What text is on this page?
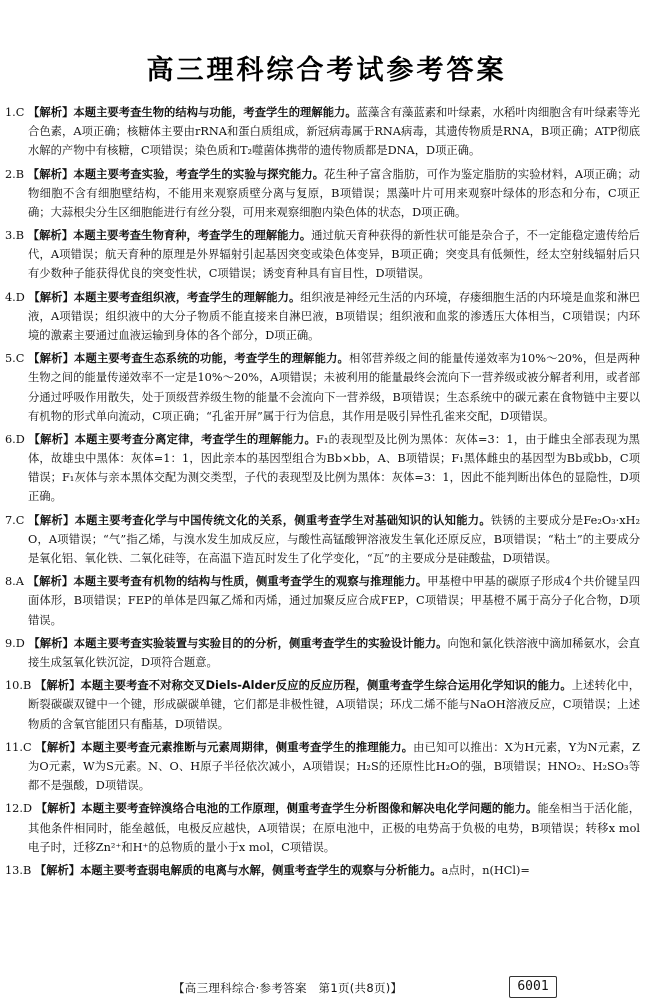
高三理科综合考试参考答案
1.C 【解析】本题主要考查生物的结构与功能，考查学生的理解能力。蓝藻含有藻蓝素和叶绿素，水稻叶肉细胞含有叶绿素等光合色素，A项正确；核糖体主要由rRNA和蛋白质组成，新冠病毒属于RNA病毒，其遗传物质是RNA，B项正确；ATP彻底水解的产物中有核糖，C项错误；染色质和T₂噬菌体携带的遗传物质都是DNA，D项正确。
2.B 【解析】本题主要考查实验，考查学生的实验与探究能力。花生种子富含脂肪，可作为鉴定脂肪的实验材料，A项正确；动物细胞不含有细胞壁结构，不能用来观察质壁分离与复原，B项错误；黑藻叶片可用来观察叶绿体的形态和分布，C项正确；大蒜根尖分生区细胞能进行有丝分裂，可用来观察细胞内染色体的状态，D项正确。
3.B 【解析】本题主要考查生物育种，考查学生的理解能力。通过航天育种获得的新性状可能是杂合子，不一定能稳定遗传给后代，A项错误；航天育种的原理是外界辐射引起基因突变或染色体变异，B项正确；突变具有低频性，经太空射线辐射后只有少数种子能获得优良的突变性状，C项错误；诱变育种具有盲目性，D项错误。
4.D 【解析】本题主要考查组织液，考查学生的理解能力。组织液是神经元生活的内环境，存瘘细胞生活的内环境是血浆和淋巴液，A项错误；组织液中的大分子物质不能直接来自淋巴液，B项错误；组织液和血浆的渗透压大体相当，C项错误；内环境的激素主要通过血液运输到身体的各个部分，D项正确。
5.C 【解析】本题主要考查生态系统的功能，考查学生的理解能力。相邻营养级之间的能量传递效率为10%～20%，但是两种生物之间的能量传递效率不一定是10%～20%，A项错误；未被利用的能量最终会流向下一营养级或被分解者利用，或者部分通过呼吸作用散失，处于顶级营养级生物的能量不会流向下一营养级，B项错误；生态系统中的碳元素在食物链中主要以有机物的形式单向流动，C项正确；“孔雀开屏”属于行为信息，其作用是吸引异性孔雀来交配，D项错误。
6.D 【解析】本题主要考查分离定律，考查学生的理解能力。F₁的表现型及比例为黑体：灰体=3：1，由于雌虫全部表现为黑体，故雄虫中黑体：灰体=1：1，因此亲本的基因型组合为Bb×bb，A、B项错误；F₁黑体雌虫的基因型为Bb或bb，C项错误；F₁灰体与亲本黑体交配为测交类型，子代的表现型及比例为黑体：灰体=3：1，因此不能判断出体色的显隐性，D项正确。
7.C 【解析】本题主要考查化学与中国传统文化的关系，侧重考查学生对基础知识的认知能力。铁锈的主要成分是Fe₂O₃·xH₂O，A项错误；“气”指乙烯，与溴水发生加成反应，与酸性高锰酸钾溶液发生氧化还原反应，B项错误；“粘土”的主要成分是氧化铝、氧化铁、二氧化硅等，在高温下造瓦时发生了化学变化，“瓦”的主要成分是硅酸盐，D项错误。
8.A 【解析】本题主要考查有机物的结构与性质，侧重考查学生的观察与推理能力。甲基橙中甲基的碳原子形成4个共价键呈四面体形，B项错误；FEP的单体是四氟乙烯和丙烯，通过加聚反应合成FEP，C项错误；甲基橙不属于高分子化合物，D项错误。
9.D 【解析】本题主要考查实验装置与实验目的的分析，侧重考查学生的实验设计能力。向饱和氯化铁溶液中滴加稀氨水，会直接生成氢氧化铁沉淀，D项符合题意。
10.B 【解析】本题主要考查不对称交叉Diels-Alder反应的反应历程，侧重考查学生综合运用化学知识的能力。上述转化中，断裂碳碳双键中一个键，形成碳碳单键，它们都是非极性键，A项错误；环戊二烯不能与NaOH溶液反应，C项错误；上述物质的含氧官能团只有酯基，D项错误。
11.C 【解析】本题主要考查元素推断与元素周期律，侧重考查学生的推理能力。由已知可以推出：X为H元素，Y为N元素，Z为O元素，W为S元素。N、O、H原子半径依次减小，A项错误；H₂S的还原性比H₂O的强，B项错误；HNO₂、H₂SO₃等都不是强酸，D项错误。
12.D 【解析】本题主要考查锌溴络合电池的工作原理，侧重考查学生分析图像和解决电化学问题的能力。能垒相当于活化能，其他条件相同时，能垒越低，电极反应越快，A项错误；在原电池中，正极的电势高于负极的电势，B项错误；转移x mol电子时，迁移Zn²⁺和H⁺的总物质的量小于x mol，C项错误。
13.B 【解析】本题主要考查弱电解质的电离与水解，侧重考查学生的观察与分析能力。a点时，n(HCl)=
【高三理科综合·参考答案　第1页(共8页)】	6001
